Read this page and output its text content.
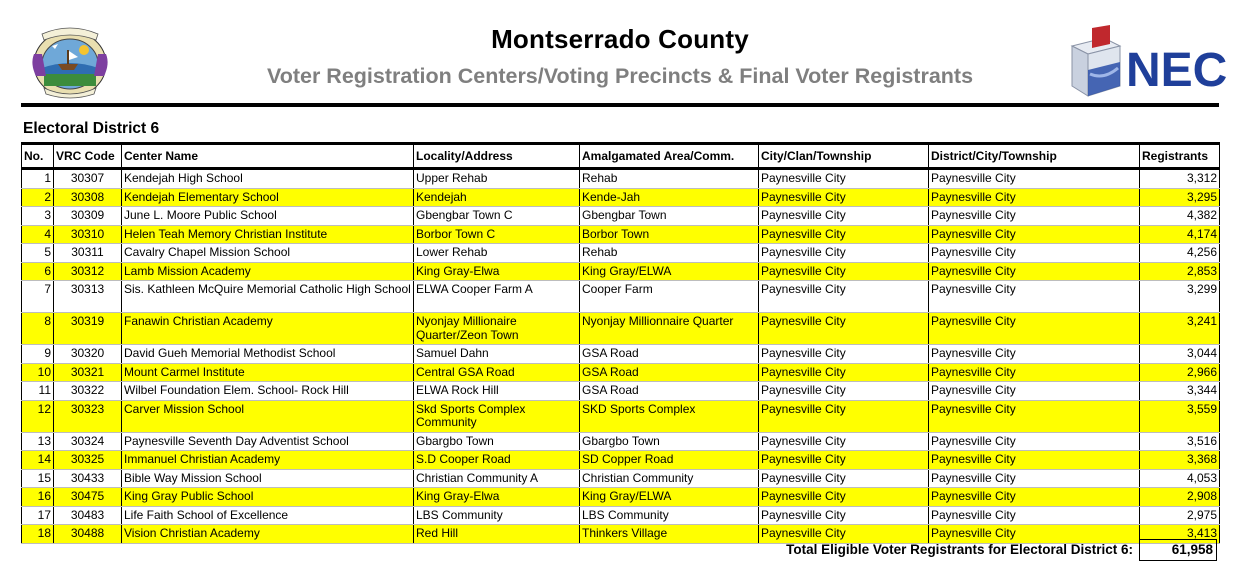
Montserrado County
Voter Registration Centers/Voting Precincts & Final Voter Registrants	NEC
Electoral District 6
No.	VRC Code	Center Name	Locality/Address	Amalgamated Area/Comm.	City/Clan/Township	District/City/Township	Registrants
1	30307	Kendejah High School	Upper Rehab	Rehab	Paynesville City	Paynesville City	3,312
2	30308	Kendejah Elementary School	Kendejah	Kende-Jah	Paynesville City	Paynesville City	3,295
3	30309	June L. Moore Public School	Gbengbar Town C	Gbengbar Town	Paynesville City	Paynesville City	4,382
4	30310	Helen Teah Memory Christian Institute	Borbor Town C	Borbor Town	Paynesville City	Paynesville City	4,174
5	30311	Cavalry Chapel Mission School	Lower Rehab	Rehab	Paynesville City	Paynesville City	4,256
6	30312	Lamb Mission Academy	King Gray-Elwa	King Gray/ELWA	Paynesville City	Paynesville City	2,853
7	30313	Sis. Kathleen McQuire Memorial Catholic High School	ELWA Cooper Farm A	Cooper Farm	Paynesville City	Paynesville City	3,299
8	30319	Fanawin Christian Academy	Nyonjay Millionaire Quarter/Zeon Town	Nyonjay Millionnaire Quarter	Paynesville City	Paynesville City	3,241
9	30320	David Gueh Memorial Methodist School	Samuel Dahn	GSA Road	Paynesville City	Paynesville City	3,044
10	30321	Mount Carmel Institute	Central GSA Road	GSA Road	Paynesville City	Paynesville City	2,966
11	30322	Wilbel Foundation Elem. School- Rock Hill	ELWA Rock Hill	GSA Road	Paynesville City	Paynesville City	3,344
12	30323	Carver Mission School	Skd Sports Complex Community	SKD Sports Complex	Paynesville City	Paynesville City	3,559
13	30324	Paynesville Seventh Day Adventist School	Gbargbo Town	Gbargbo Town	Paynesville City	Paynesville City	3,516
14	30325	Immanuel Christian Academy	S.D Cooper Road	SD Copper Road	Paynesville City	Paynesville City	3,368
15	30433	Bible Way Mission School	Christian Community A	Christian Community	Paynesville City	Paynesville City	4,053
16	30475	King Gray Public School	King Gray-Elwa	King Gray/ELWA	Paynesville City	Paynesville City	2,908
17	30483	Life Faith School of Excellence	LBS Community	LBS Community	Paynesville City	Paynesville City	2,975
18	30488	Vision Christian Academy	Red Hill	Thinkers Village	Paynesville City	Paynesville City	3,413
Total Eligible Voter Registrants for Electoral District 6:	61,958
